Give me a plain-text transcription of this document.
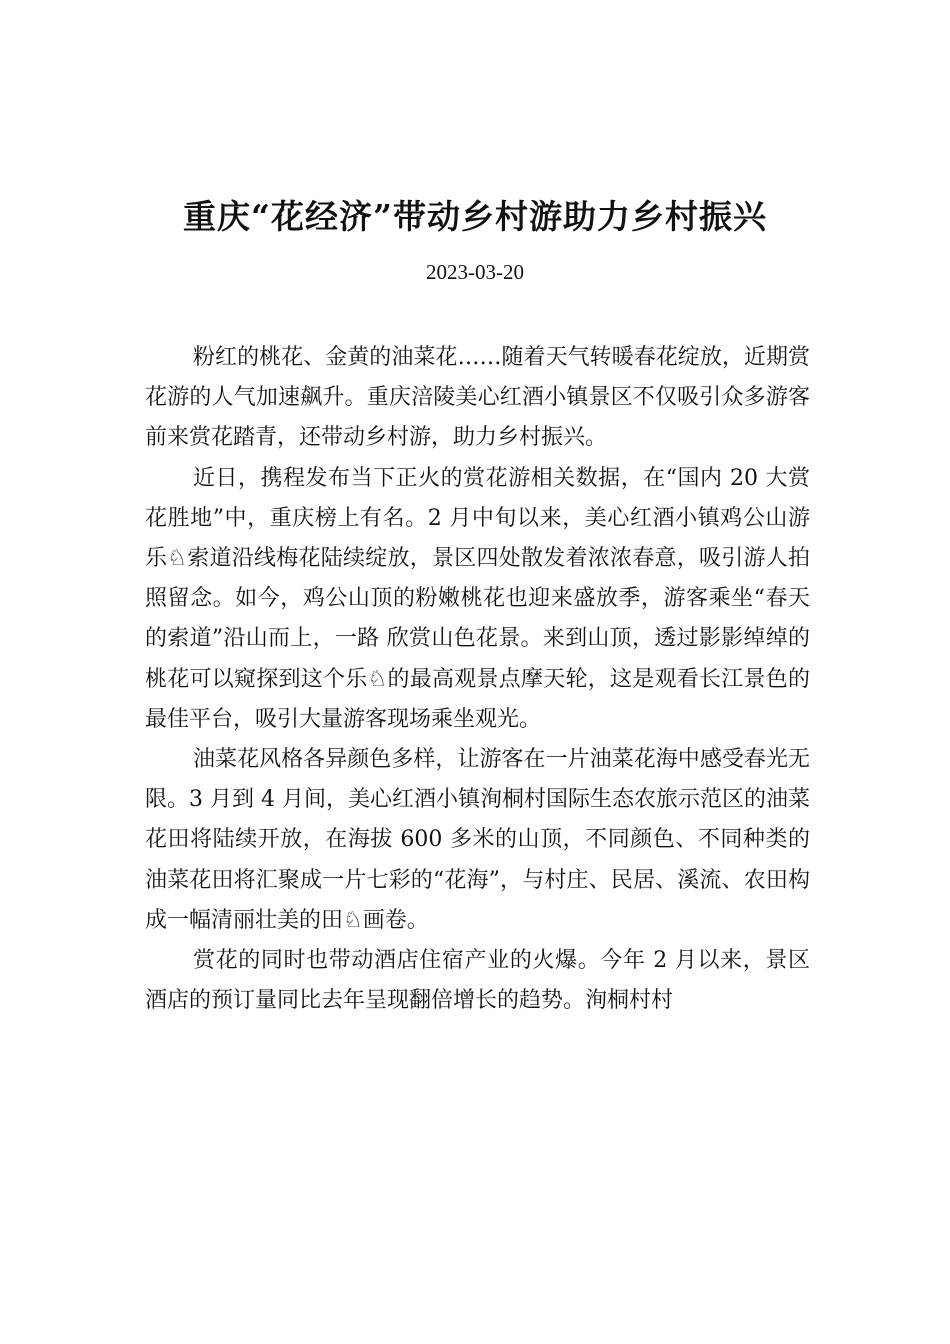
重庆“花经济”带动乡村游助力乡村振兴
2023-03-20

粉红的桃花、金黄的油菜花……随着天气转暖春花绽放，近期赏花游的人气加速飙升。重庆涪陵美心红酒小镇景区不仅吸引众多游客前来赏花踏青，还带动乡村游，助力乡村振兴。

近日，携程发布当下正火的赏花游相关数据，在“国内 20 大赏花胜地”中，重庆榜上有名。2 月中旬以来，美心红酒小镇鸡公山游乐♘索道沿线梅花陆续绽放，景区四处散发着浓浓春意，吸引游人拍照留念。如今，鸡公山顶的粉嫩桃花也迎来盛放季，游客乘坐“春天的索道”沿山而上，一路 欣赏山色花景。来到山顶，透过影影绰绰的桃花可以窥探到这个乐♘的最高观景点摩天轮，这是观看长江景色的最佳平台，吸引大量游客现场乘坐观光。

油菜花风格各异颜色多样，让游客在一片油菜花海中感受春光无限。3 月到 4 月间，美心红酒小镇洵桐村国际生态农旅示范区的油菜花田将陆续开放，在海拔 600 多米的山顶，不同颜色、不同种类的油菜花田将汇聚成一片七彩的“花海”，与村庄、民居、溪流、农田构成一幅清丽壮美的田♘画卷。

赏花的同时也带动酒店住宿产业的火爆。今年 2 月以来，景区酒店的预订量同比去年呈现翻倍增长的趋势。洵桐村村
